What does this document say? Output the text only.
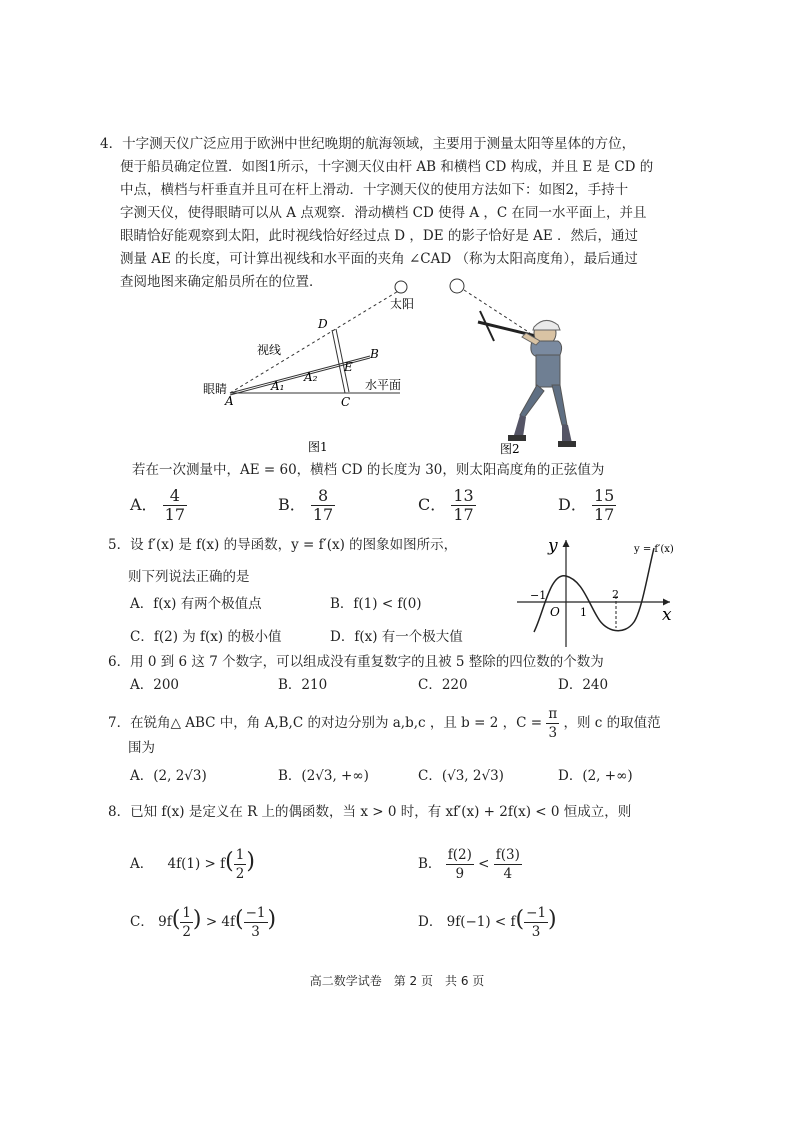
4．十字测天仪广泛应用于欧洲中世纪晚期的航海领域，主要用于测量太阳等星体的方位，

便于船员确定位置．如图1所示，十字测天仪由杆 AB 和横档 CD 构成，并且 E 是 CD 的

中点，横档与杆垂直并且可在杆上滑动．十字测天仪的使用方法如下：如图2，手持十

字测天仪，使得眼睛可以从 A 点观察．滑动横档 CD 使得 A ，C 在同一水平面上，并且

眼睛恰好能观察到太阳，此时视线恰好经过点 D ，DE 的影子恰好是 AE ．然后，通过

测量 AE 的长度，可计算出视线和水平面的夹角 ∠CAD （称为太阳高度角），最后通过

查阅地图来确定船员所在的位置．

太阳
视线
眼睛	水平面
A
B
C
D
E
A₁
A₂
图1	图2
若在一次测量中，AE = 60，横档 CD 的长度为 30，则太阳高度角的正弦值为
A． $\frac{4}{17}$	B． $\frac{8}{17}$	C． $\frac{13}{17}$	D． $\frac{15}{17}$

5．设 f′(x) 是 f(x) 的导函数，y = f′(x) 的图象如图所示，

则下列说法正确的是
A．f(x) 有两个极值点	B．f(1) < f(0)
C．f(2) 为 f(x) 的极小值	D．f(x) 有一个极大值
y
x
y = f′(x)
O
−1
1
2
6．用 0 到 6 这 7 个数字，可以组成没有重复数字的且被 5 整除的四位数的个数为
A．200	B．210	C．220	D．240
7．在锐角△ ABC 中，角 A,B,C 的对边分别为 a,b,c ，且 b = 2 ，$C = \frac{\pi}{3}$ ，则 c 的取值范
围为
A．(2, 2√3)	B．(2√3, +∞)	C．(√3, 2√3)	D．(2, +∞)
8．已知 f(x) 是定义在 R 上的偶函数，当 x > 0 时，有 xf′(x) + 2f(x) < 0 恒成立，则
A． $4f(1) > f( \frac{1}{2}$ )	B． $\frac{f(2)}{9} < \frac{f(3)}{4}$
C． $9f( \frac{1}{2}$ ) > $4f( \frac{-1}{3}$ )	D． $9f(-1) < f( \frac{-1}{3}$ )
高二数学试卷　第 2 页　共 6 页
